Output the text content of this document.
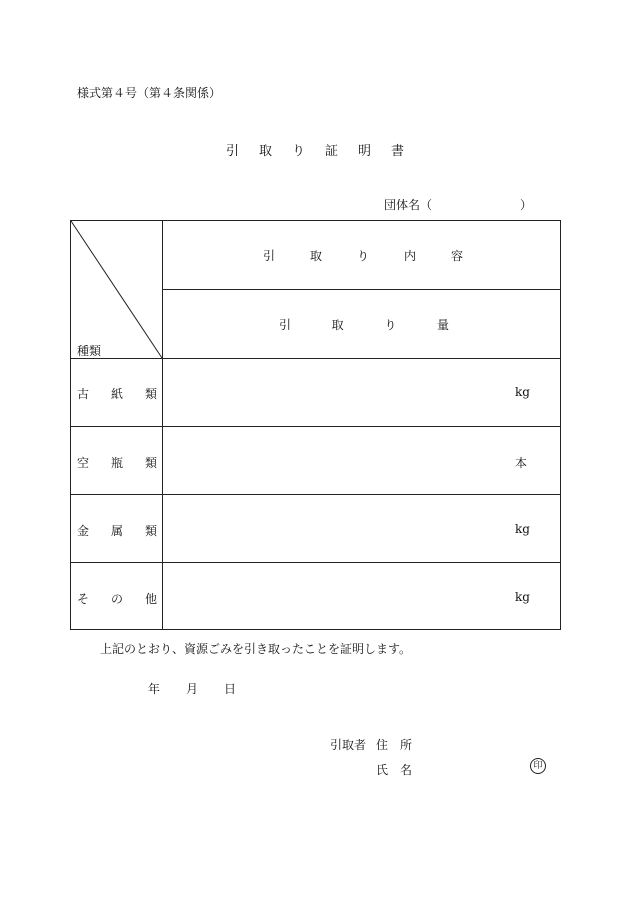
様式第４号（第４条関係）
引 取 り 証 明 書
団体名（	）
種類
引	取	り	内	容
引	取	り	量
古 紙 類	kg
空 瓶 類	本
金 属 類	kg
そ の 他	kg
上記のとおり、資源ごみを引き取ったことを証明します。
年 月 日
引取者 住　所
氏　名	印
